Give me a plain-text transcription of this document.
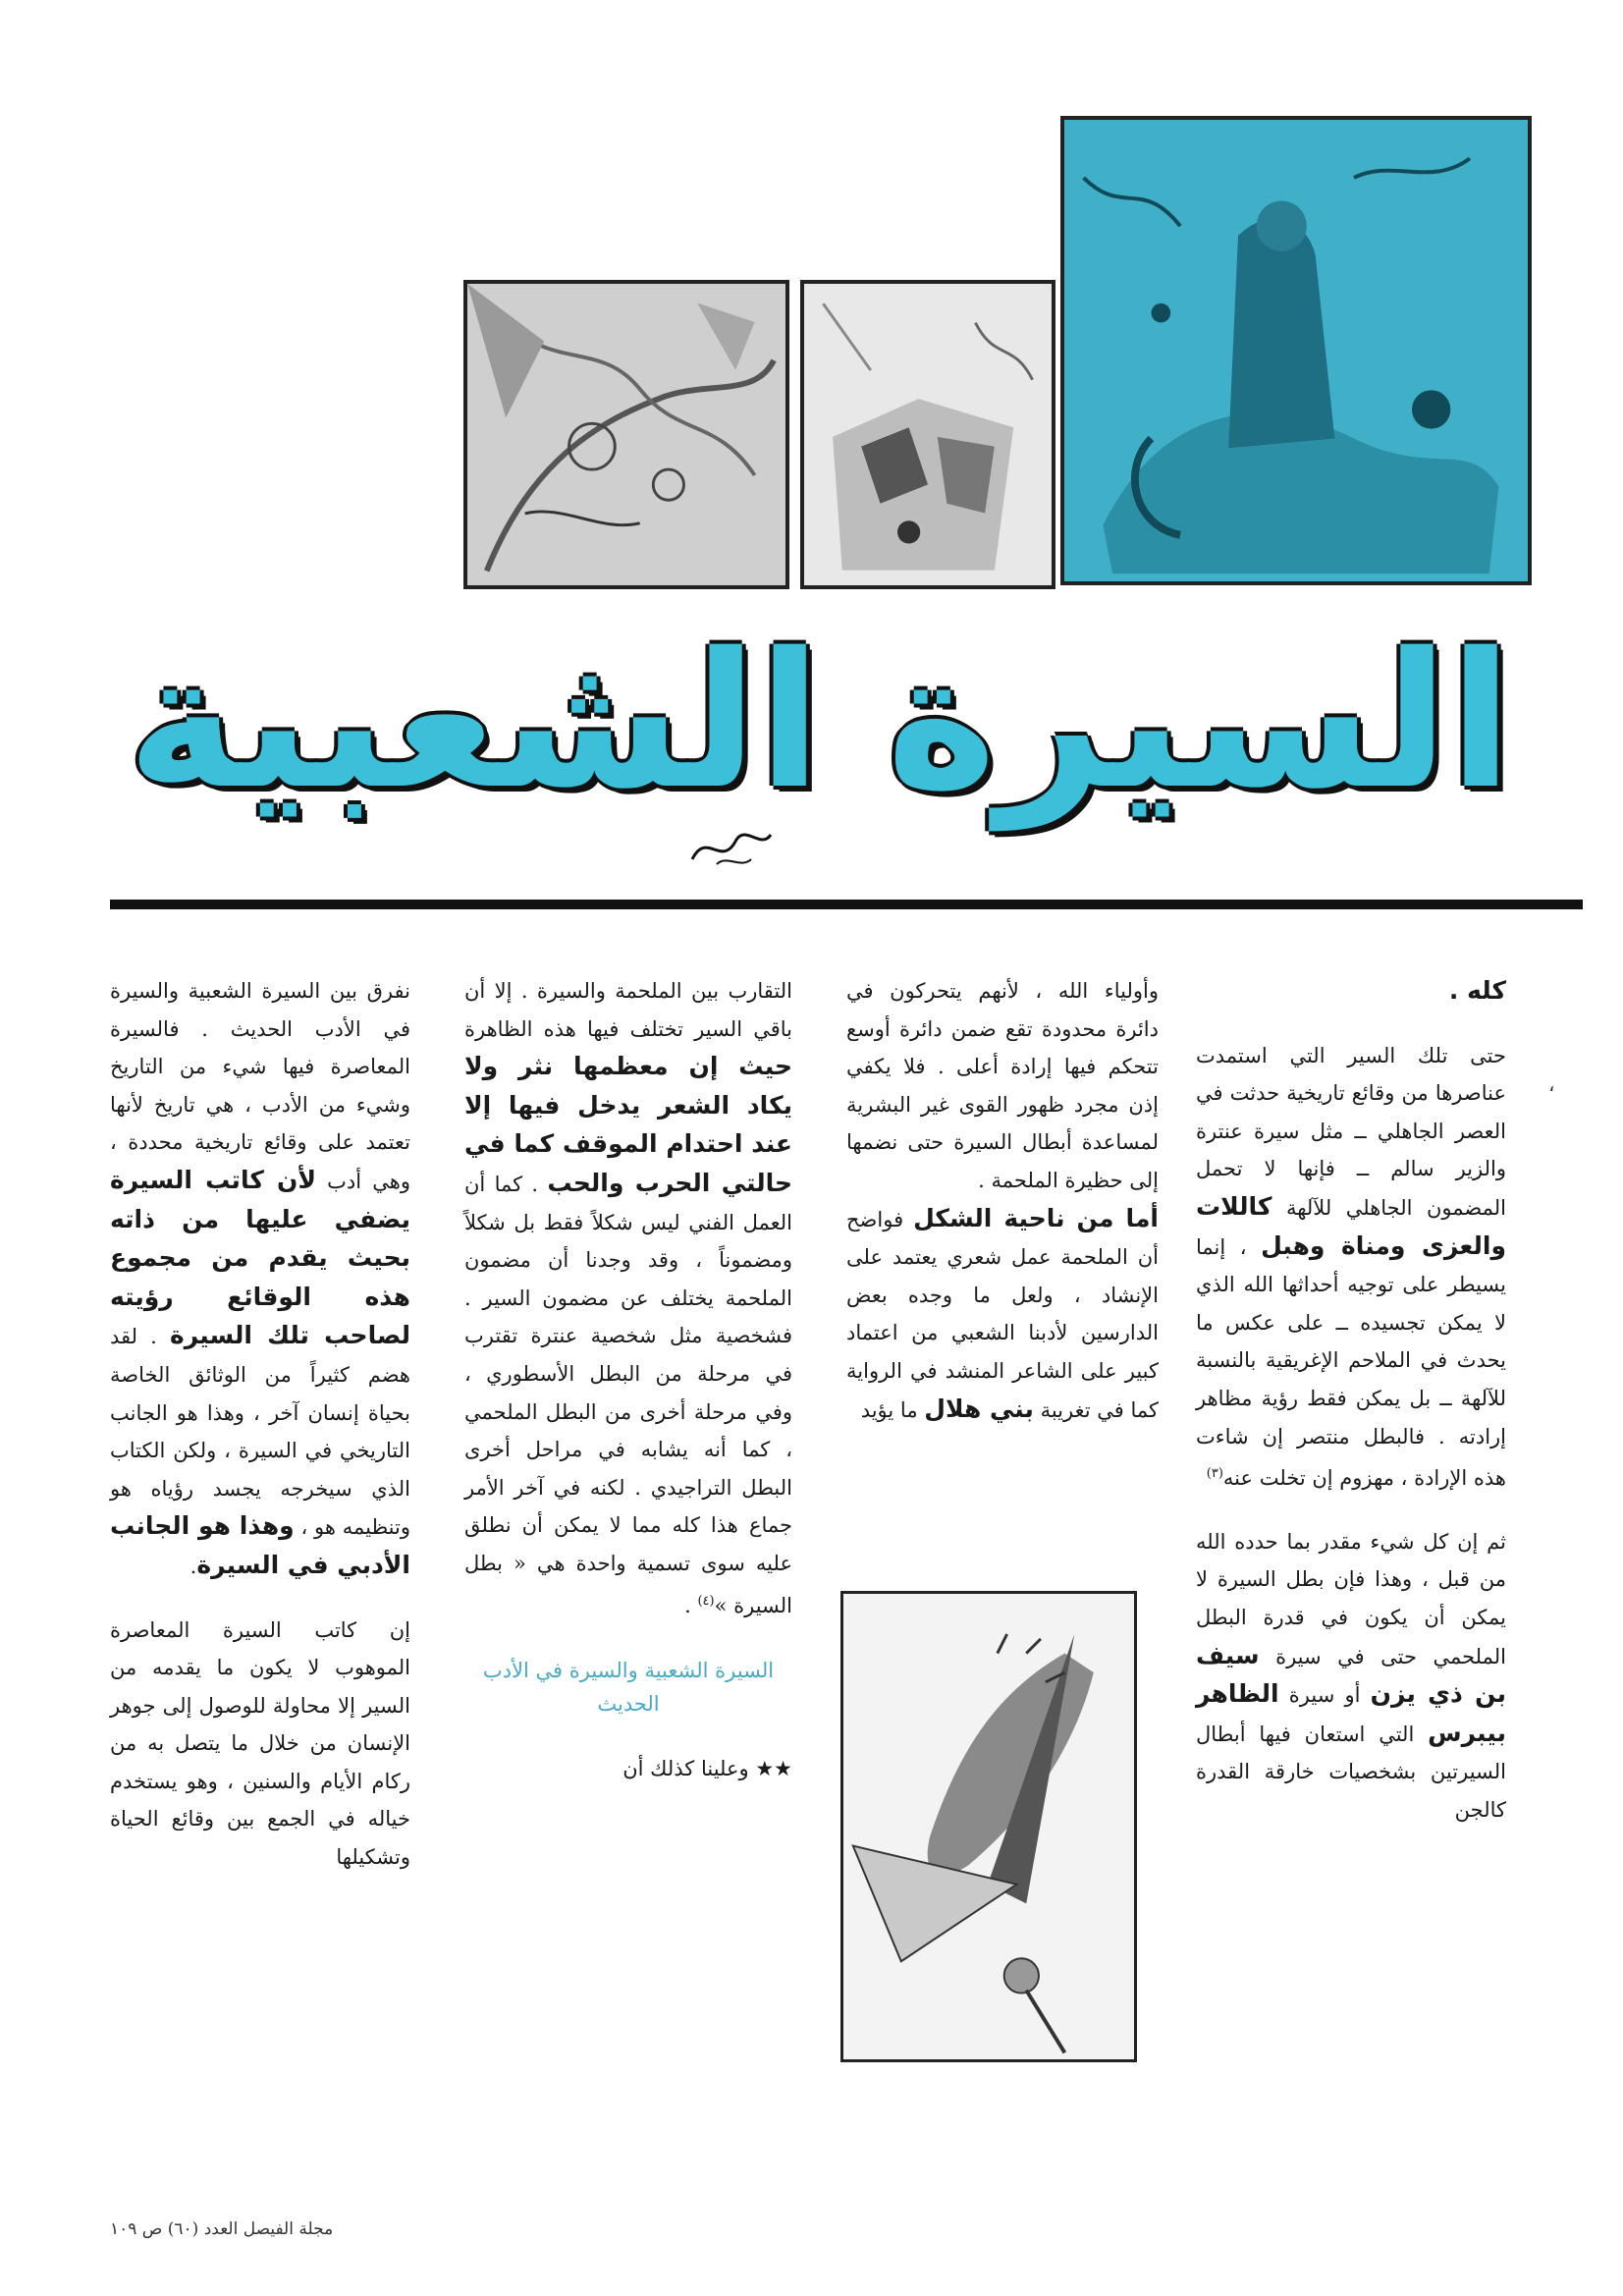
السيرة الشعبية
،

كله .

حتى تلك السير التي استمدت عناصرها من وقائع تاريخية حدثت في العصر الجاهلي ــ مثل سيرة عنترة والزير سالم ــ فإنها لا تحمل المضمون الجاهلي للآلهة كاللات والعزى ومناة وهبل ، إنما يسيطر على توجيه أحداثها الله الذي لا يمكن تجسيده ــ على عكس ما يحدث في الملاحم الإغريقية بالنسبة للآلهة ــ بل يمكن فقط رؤية مظاهر إرادته . فالبطل منتصر إن شاءت هذه الإرادة ، مهزوم إن تخلت عنه$^{(٣)}$

ثم إن كل شيء مقدر بما حدده الله من قبل ، وهذا فإن بطل السيرة لا يمكن أن يكون في قدرة البطل الملحمي حتى في سيرة سيف بن ذي يزن أو سيرة الظاهر بيبرس التي استعان فيها أبطال السيرتين بشخصيات خارقة القدرة كالجن

وأولياء الله ، لأنهم يتحركون في دائرة محدودة تقع ضمن دائرة أوسع تتحكم فيها إرادة أعلى . فلا يكفي إذن مجرد ظهور القوى غير البشرية لمساعدة أبطال السيرة حتى نضمها إلى حظيرة الملحمة .

أما من ناحية الشكل فواضح أن الملحمة عمل شعري يعتمد على الإنشاد ، ولعل ما وجده بعض الدارسين لأدبنا الشعبي من اعتماد كبير على الشاعر المنشد في الرواية كما في تغريبة بني هلال ما يؤيد

التقارب بين الملحمة والسيرة . إلا أن باقي السير تختلف فيها هذه الظاهرة حيث إن معظمها نثر ولا يكاد الشعر يدخل فيها إلا عند احتدام الموقف كما في حالتي الحرب والحب . كما أن العمل الفني ليس شكلاً فقط بل شكلاً ومضموناً ، وقد وجدنا أن مضمون الملحمة يختلف عن مضمون السير . فشخصية مثل شخصية عنترة تقترب في مرحلة من البطل الأسطوري ، وفي مرحلة أخرى من البطل الملحمي ، كما أنه يشابه في مراحل أخرى البطل التراجيدي . لكنه في آخر الأمر جماع هذا كله مما لا يمكن أن نطلق عليه سوى تسمية واحدة هي « بطل السيرة »$^{(٤)}$ .

السيرة الشعبية والسيرة في الأدب الحديث

★★ وعلينا كذلك أن

نفرق بين السيرة الشعبية والسيرة في الأدب الحديث . فالسيرة المعاصرة فيها شيء من التاريخ وشيء من الأدب ، هي تاريخ لأنها تعتمد على وقائع تاريخية محددة ، وهي أدب لأن كاتب السيرة يضفي عليها من ذاته بحيث يقدم من مجموع هذه الوقائع رؤيته لصاحب تلك السيرة . لقد هضم كثيراً من الوثائق الخاصة بحياة إنسان آخر ، وهذا هو الجانب التاريخي في السيرة ، ولكن الكتاب الذي سيخرجه يجسد رؤياه هو وتنظيمه هو ، وهذا هو الجانب الأدبي في السيرة.

إن كاتب السيرة المعاصرة الموهوب لا يكون ما يقدمه من السير إلا محاولة للوصول إلى جوهر الإنسان من خلال ما يتصل به من ركام الأيام والسنين ، وهو يستخدم خياله في الجمع بين وقائع الحياة وتشكيلها

مجلة الفيصل العدد (٦٠) ص ١٠٩
